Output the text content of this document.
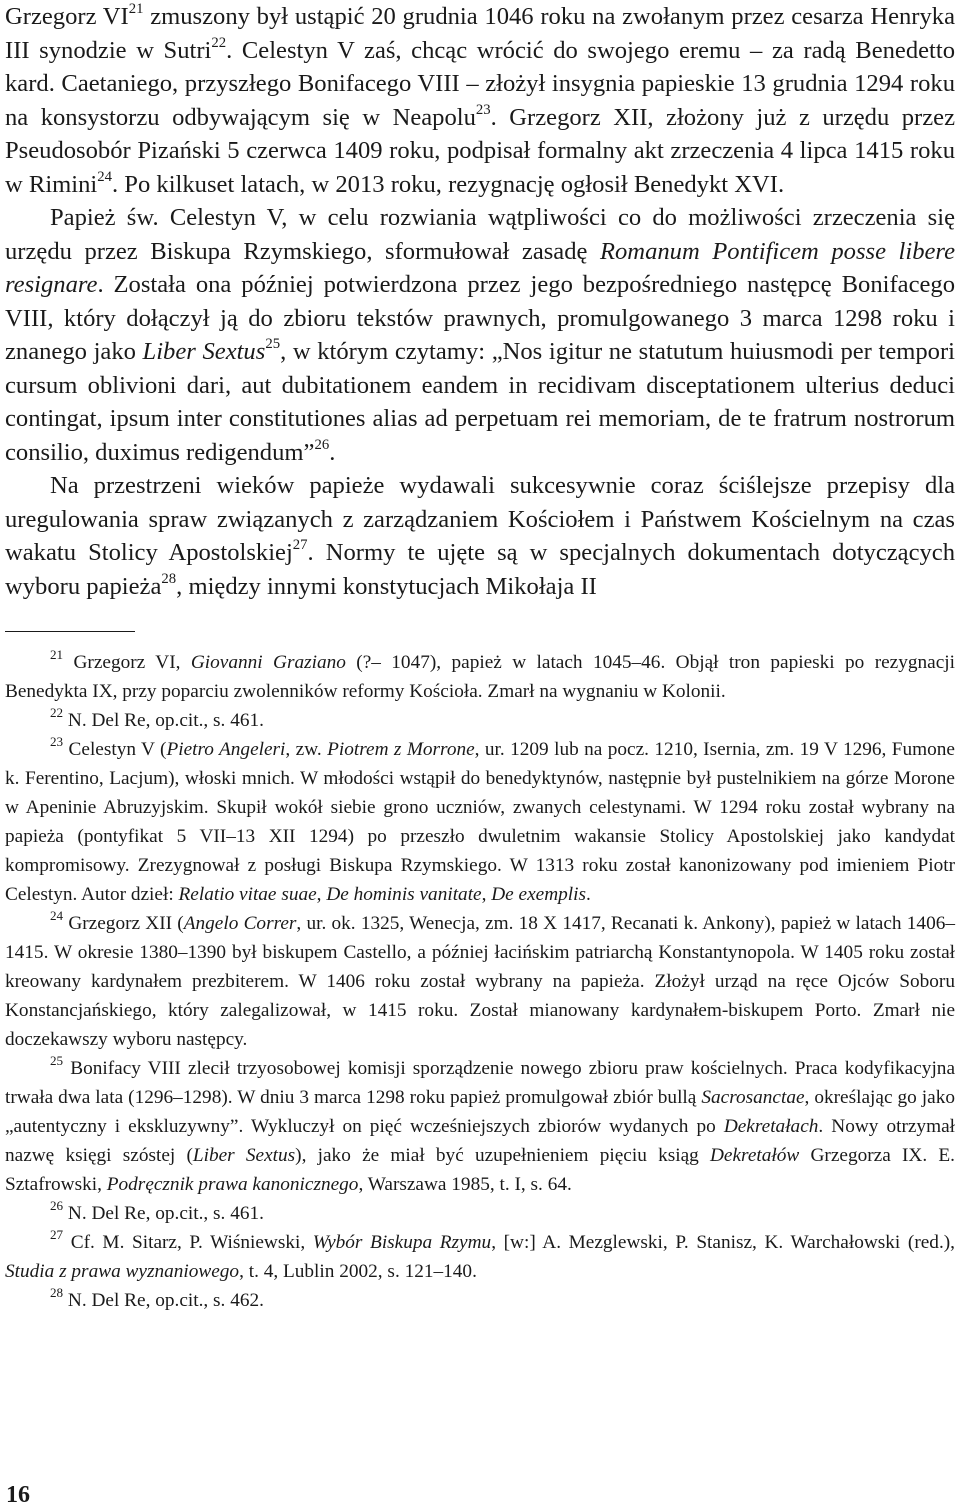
Grzegorz VI$^{21}$ zmuszony był ustąpić 20 grudnia 1046 roku na zwołanym przez cesarza Henryka III synodzie w Sutri$^{22}$. Celestyn V zaś, chcąc wrócić do swojego eremu – za radą Benedetto kard. Caetaniego, przyszłego Bonifacego VIII – złożył insygnia papieskie 13 grudnia 1294 roku na konsystorzu odbywającym się w Neapolu$^{23}$. Grzegorz XII, złożony już z urzędu przez Pseudosobór Pizański 5 czerwca 1409 roku, podpisał formalny akt zrzeczenia 4 lipca 1415 roku w Rimini$^{24}$. Po kilkuset latach, w 2013 roku, rezygnację ogłosił Benedykt XVI.

Papież św. Celestyn V, w celu rozwiania wątpliwości co do możliwości zrzeczenia się urzędu przez Biskupa Rzymskiego, sformułował zasadę Romanum Pontificem posse libere resignare. Została ona później potwierdzona przez jego bezpośredniego następcę Bonifacego VIII, który dołączył ją do zbioru tekstów prawnych, promulgowanego 3 marca 1298 roku i znanego jako Liber Sextus$^{25}$, w którym czytamy: „Nos igitur ne statutum huiusmodi per tempori cursum oblivioni dari, aut dubitationem eandem in recidivam disceptationem ulterius deduci contingat, ipsum inter constitutiones alias ad perpetuam rei memoriam, de te fratrum nostrorum consilio, duximus redigendum”$^{26}$.

Na przestrzeni wieków papieże wydawali sukcesywnie coraz ściślejsze przepisy dla uregulowania spraw związanych z zarządzaniem Kościołem i Państwem Kościelnym na czas wakatu Stolicy Apostolskiej$^{27}$. Normy te ujęte są w specjalnych dokumentach dotyczących wyboru papieża$^{28}$, między innymi konstytucjach Mikołaja II

$^{21}$ Grzegorz VI, Giovanni Graziano (?– 1047), papież w latach 1045–46. Objął tron papieski po rezygnacji Benedykta IX, przy poparciu zwolenników reformy Kościoła. Zmarł na wygnaniu w Kolonii.

$^{22}$ N. Del Re, op.cit., s. 461.

$^{23}$ Celestyn V (Pietro Angeleri, zw. Piotrem z Morrone, ur. 1209 lub na pocz. 1210, Isernia, zm. 19 V 1296, Fumone k. Ferentino, Lacjum), włoski mnich. W młodości wstąpił do benedyktynów, następnie był pustelnikiem na górze Morone w Apeninie Abruzyjskim. Skupił wokół siebie grono uczniów, zwanych celestynami. W 1294 roku został wybrany na papieża (pontyfikat 5 VII–13 XII 1294) po przeszło dwuletnim wakansie Stolicy Apostolskiej jako kandydat kompromisowy. Zrezygnował z posługi Biskupa Rzymskiego. W 1313 roku został kanonizowany pod imieniem Piotr Celestyn. Autor dzieł: Relatio vitae suae, De hominis vanitate, De exemplis.

$^{24}$ Grzegorz XII (Angelo Correr, ur. ok. 1325, Wenecja, zm. 18 X 1417, Recanati k. Ankony), papież w latach 1406–1415. W okresie 1380–1390 był biskupem Castello, a później łacińskim patriarchą Konstantynopola. W 1405 roku został kreowany kardynałem prezbiterem. W 1406 roku został wybrany na papieża. Złożył urząd na ręce Ojców Soboru Konstancjańskiego, który zalegalizował, w 1415 roku. Został mianowany kardynałem-biskupem Porto. Zmarł nie doczekawszy wyboru następcy.

$^{25}$ Bonifacy VIII zlecił trzyosobowej komisji sporządzenie nowego zbioru praw kościelnych. Praca kodyfikacyjna trwała dwa lata (1296–1298). W dniu 3 marca 1298 roku papież promulgował zbiór bullą Sacrosanctae, określając go jako „autentyczny i ekskluzywny”. Wykluczył on pięć wcześniejszych zbiorów wydanych po Dekretałach. Nowy otrzymał nazwę księgi szóstej (Liber Sextus), jako że miał być uzupełnieniem pięciu ksiąg Dekretałów Grzegorza IX. E. Sztafrowski, Podręcznik prawa kanonicznego, Warszawa 1985, t. I, s. 64.

$^{26}$ N. Del Re, op.cit., s. 461.

$^{27}$ Cf. M. Sitarz, P. Wiśniewski, Wybór Biskupa Rzymu, [w:] A. Mezglewski, P. Stanisz, K. Warchałowski (red.), Studia z prawa wyznaniowego, t. 4, Lublin 2002, s. 121–140.

$^{28}$ N. Del Re, op.cit., s. 462.

16
